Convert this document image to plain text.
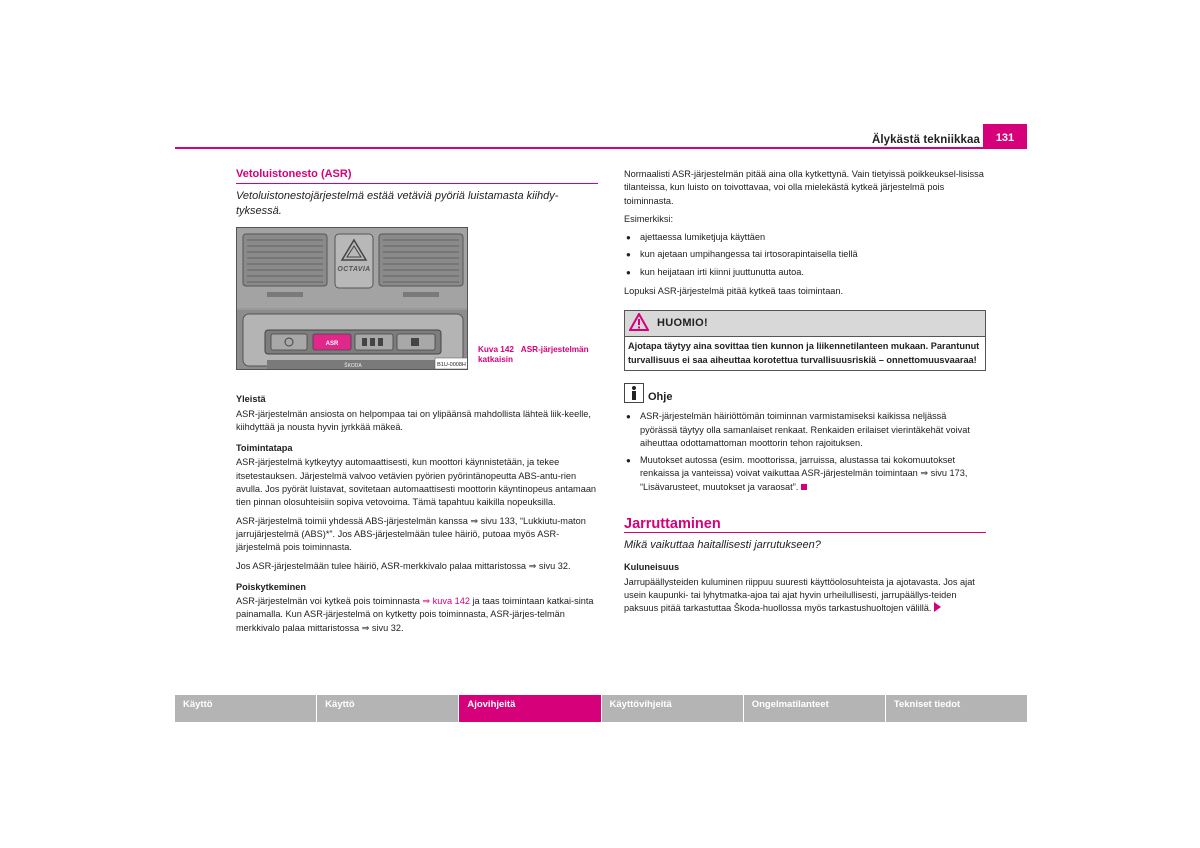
Älykästä tekniikkaa	131
Vetoluistonesto (ASR)
Vetoluistonestojärjestelmä estää vetäviä pyöriä luistamasta kiihdy-tyksessä.
OCTAVIA
ASR
ŠKODA	B1U-0008H
Kuva 142 ASR-järjestelmän katkaisin
Yleistä

ASR-järjestelmän ansiosta on helpompaa tai on ylipäänsä mahdollista lähteä liik-keelle, kiihdyttää ja nousta hyvin jyrkkää mäkeä.

Toimintatapa

ASR-järjestelmä kytkeytyy automaattisesti, kun moottori käynnistetään, ja tekee itsetestauksen. Järjestelmä valvoo vetävien pyörien pyörintänopeutta ABS-antu-rien avulla. Jos pyörät luistavat, sovitetaan automaattisesti moottorin käyntinopeus antamaan tien pinnan olosuhteisiin sopiva vetovoima. Tämä tapahtuu kaikilla nopeuksilla.

ASR-järjestelmä toimii yhdessä ABS-järjestelmän kanssa ⇒ sivu 133, “Lukkiutu-maton jarrujärjestelmä (ABS)*”. Jos ABS-järjestelmään tulee häiriö, putoaa myös ASR-järjestelmä pois toiminnasta.

Jos ASR-järjestelmään tulee häiriö, ASR-merkkivalo palaa mittaristossa ⇒ sivu 32.

Poiskytkeminen

ASR-järjestelmän voi kytkeä pois toiminnasta ⇒ kuva 142 ja taas toimintaan katkai-sinta painamalla. Kun ASR-järjestelmä on kytketty pois toiminnasta, ASR-järjes-telmän merkkivalo palaa mittaristossa ⇒ sivu 32.

Normaalisti ASR-järjestelmän pitää aina olla kytkettynä. Vain tietyissä poikkeuksel-lisissa tilanteissa, kun luisto on toivottavaa, voi olla mielekästä kytkeä järjestelmä pois toiminnasta.

Esimerkiksi:

● ajettaessa lumiketjuja käyttäen
● kun ajetaan umpihangessa tai irtosorapintaisella tiellä
● kun heijataan irti kiinni juuttunutta autoa.

Lopuksi ASR-järjestelmä pitää kytkeä taas toimintaan.

HUOMIO!
Ajotapa täytyy aina sovittaa tien kunnon ja liikennetilanteen mukaan. Parantunut turvallisuus ei saa aiheuttaa korotettua turvallisuusriskiä – onnettomuusvaaraa!
Ohje
● ASR-järjestelmän häiriöttömän toiminnan varmistamiseksi kaikissa neljässä pyörässä täytyy olla samanlaiset renkaat. Renkaiden erilaiset vierintäkehät voivat aiheuttaa odottamattoman moottorin tehon rajoituksen.
● Muutokset autossa (esim. moottorissa, jarruissa, alustassa tai kokomuutokset renkaissa ja vanteissa) voivat vaikuttaa ASR-järjestelmän toimintaan ⇒ sivu 173, “Lisävarusteet, muutokset ja varaosat”.
Jarruttaminen
Mikä vaikuttaa haitallisesti jarrutukseen?
Kuluneisuus

Jarrupäällysteiden kuluminen riippuu suuresti käyttöolosuhteista ja ajotavasta. Jos ajat usein kaupunki- tai lyhytmatka-ajoa tai ajat hyvin urheilullisesti, jarrupäällys-teiden paksuus pitää tarkastuttaa Škoda-huollossa myös tarkastushuoltojen välillä.

Käyttö	Käyttö	Ajovihjeitä	Käyttövihjeitä	Ongelmatilanteet	Tekniset tiedot
